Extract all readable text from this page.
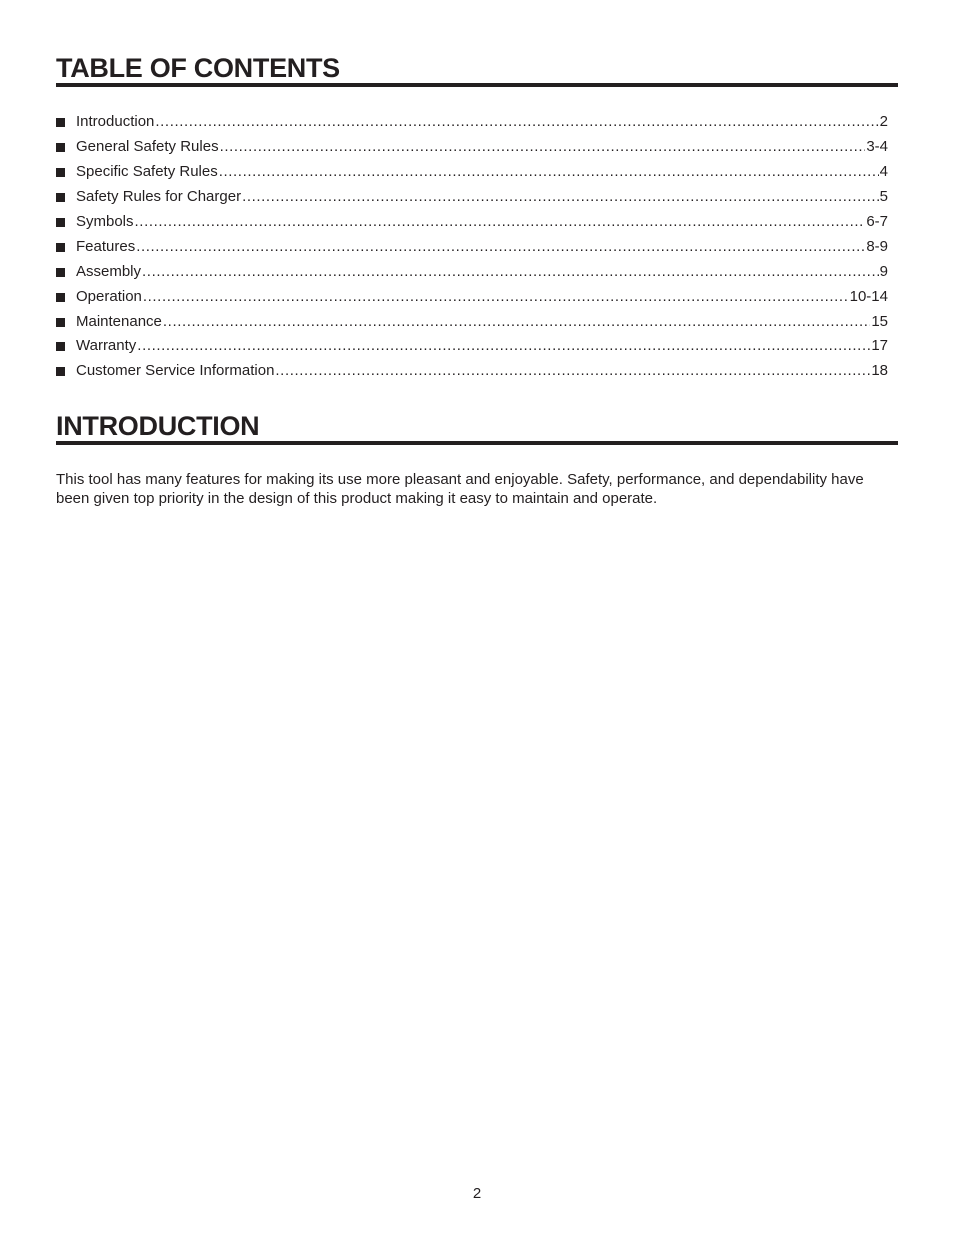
TABLE OF CONTENTS
Introduction .....	2
General Safety Rules .....	3-4
Specific Safety Rules .....	4
Safety Rules for Charger .....	5
Symbols .....	6-7
Features .....	8-9
Assembly .....	9
Operation .....	10-14
Maintenance .....	15
Warranty .....	17
Customer Service Information .....	18
INTRODUCTION

This tool has many features for making its use more pleasant and enjoyable. Safety, performance, and dependability have been given top priority in the design of this product making it easy to maintain and operate.

2
